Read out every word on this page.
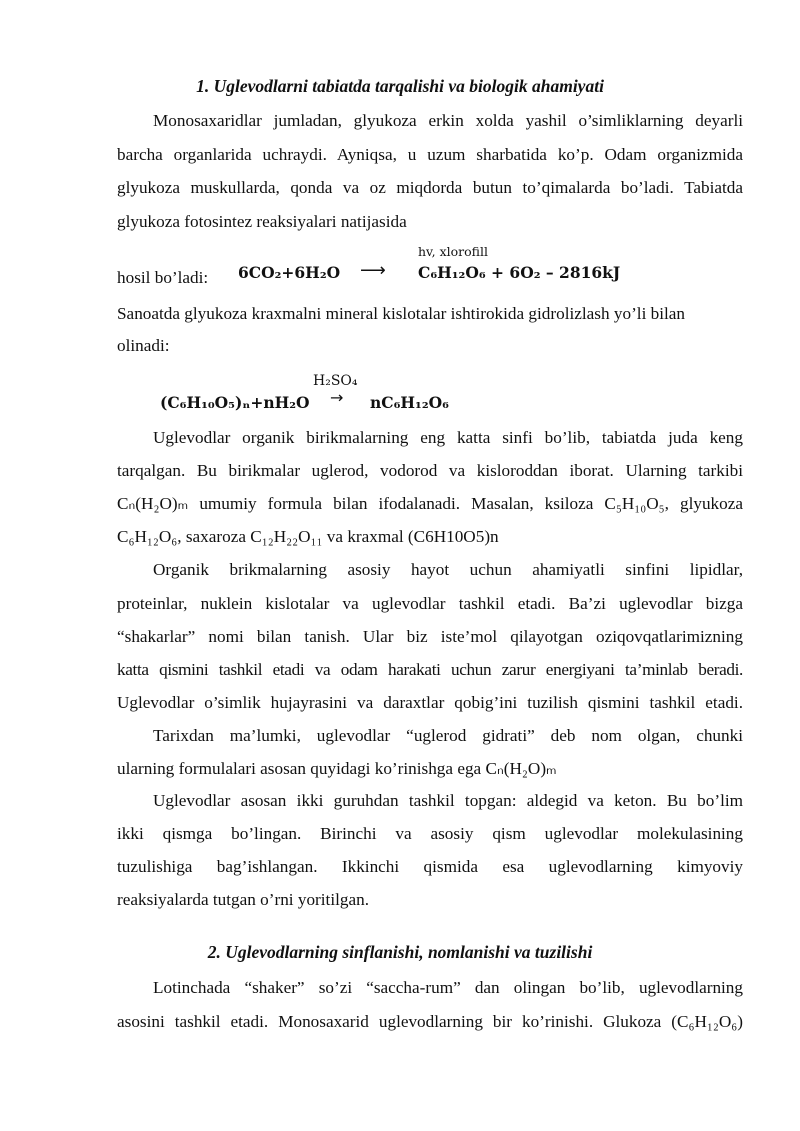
1. Uglevodlarni tabiatda tarqalishi va biologik ahamiyati
Monosaxaridlar jumladan, glyukoza erkin xolda yashil o’simliklarning deyarli
barcha organlarida uchraydi. Ayniqsa, u uzum sharbatida ko’p. Odam organizmida
glyukoza muskullarda, qonda va oz miqdorda butun to’qimalarda bo’ladi. Tabiatda
glyukoza fotosintez reaksiyalari natijasida
hosil bo’ladi:
hv, xlorofill
6CO₂+6H₂O ⟶ C₆H₁₂O₆ + 6O₂ – 2816kJ
Sanoatda glyukoza kraxmalni mineral kislotalar ishtirokida gidrolizlash yo’li bilan
olinadi:
H₂SO₄
(C₆H₁₀O₅)ₙ+nH₂O → nC₆H₁₂O₆
Uglevodlar organik birikmalarning eng katta sinfi bo’lib, tabiatda juda keng
tarqalgan. Bu birikmalar uglerod, vodorod va kisloroddan iborat. Ularning tarkibi
Cₙ(H₂O)ₘ umumiy formula bilan ifodalanadi. Masalan, ksiloza C₅H₁₀O₅, glyukoza
C₆H₁₂O₆, saxaroza C₁₂H₂₂O₁₁ va kraxmal (C6H10O5)n
Organik brikmalarning asosiy hayot uchun ahamiyatli sinfini lipidlar,
proteinlar, nuklein kislotalar va uglevodlar tashkil etadi. Ba’zi uglevodlar bizga
“shakarlar” nomi bilan tanish. Ular biz iste’mol qilayotgan oziqovqatlarimizning
katta qismini tashkil etadi va odam harakati uchun zarur energiyani ta’minlab beradi.
Uglevodlar o’simlik hujayrasini va daraxtlar qobig’ini tuzilish qismini tashkil etadi.
Tarixdan ma’lumki, uglevodlar “uglerod gidrati” deb nom olgan, chunki
ularning formulalari asosan quyidagi ko’rinishga ega Cₙ(H₂O)ₘ
Uglevodlar asosan ikki guruhdan tashkil topgan: aldegid va keton. Bu bo’lim
ikki qismga bo’lingan. Birinchi va asosiy qism uglevodlar molekulasining
tuzulishiga bag’ishlangan. Ikkinchi qismida esa uglevodlarning kimyoviy
reaksiyalarda tutgan o’rni yoritilgan.
2. Uglevodlarning sinflanishi, nomlanishi va tuzilishi
Lotinchada “shaker” so’zi “saccha-rum” dan olingan bo’lib, uglevodlarning
asosini tashkil etadi. Monosaxarid uglevodlarning bir ko’rinishi. Glukoza (C₆H₁₂O₆)
